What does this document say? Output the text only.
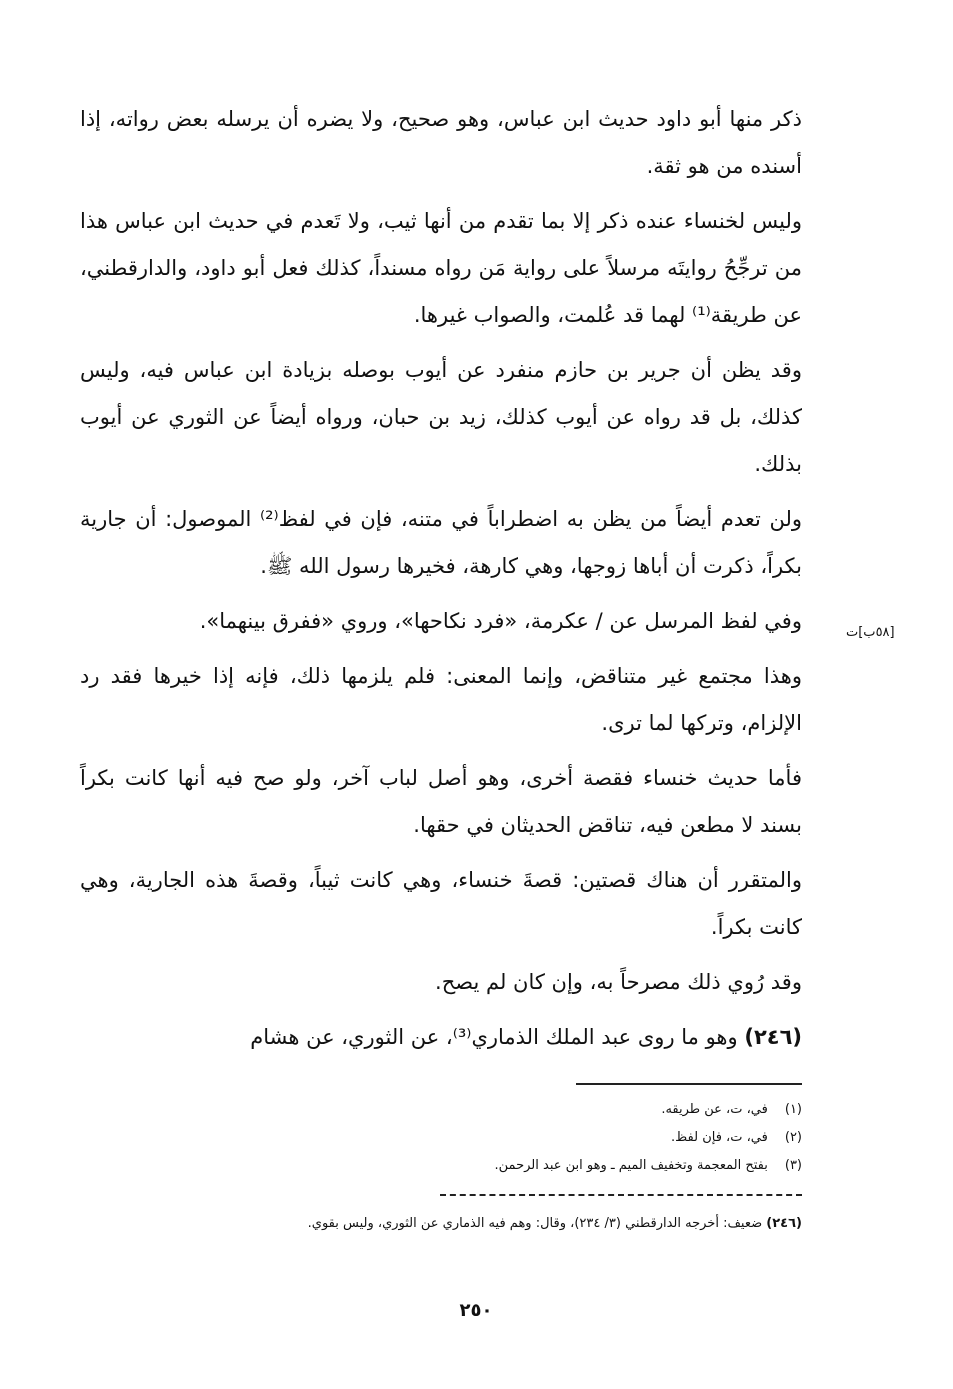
ذكر منها أبو داود حديث ابن عباس، وهو صحيح، ولا يضره أن يرسله بعض رواته، إذا أسنده من هو ثقة.

وليس لخنساء عنده ذكر إلا بما تقدم من أنها ثيب، ولا تَعدم في حديث ابن عباس هذا من ترجِّحُ روايتَه مرسلاً على رواية مَن رواه مسنداً، كذلك فعل أبو داود، والدارقطني، عن طريقة⁽¹⁾ لهما قد عُلمت، والصواب غيرها.

وقد يظن أن جرير بن حازم منفرد عن أيوب بوصله بزيادة ابن عباس فيه، وليس كذلك، بل قد رواه عن أيوب كذلك، زيد بن حبان، ورواه أيضاً عن الثوري عن أيوب بذلك.

ولن تعدم أيضاً من يظن به اضطراباً في متنه، فإن في لفظ⁽²⁾ الموصول: أن جارية بكراً، ذكرت أن أباها زوجها، وهي كارهة، فخيرها رسول الله ﷺ.

وفي لفظ المرسل عن / عكرمة، «فرد نكاحها»، وروي «ففرق بينهما».

وهذا مجتمع غير متناقض، وإنما المعنى: فلم يلزمها ذلك، فإنه إذا خيرها فقد رد الإلزام، وتركها لما ترى.

فأما حديث خنساء فقصة أخرى، وهو أصل لباب آخر، ولو صح فيه أنها كانت بكراً بسند لا مطعن فيه، تناقض الحديثان في حقها.

والمتقرر أن هناك قصتين: قصةَ خنساء، وهي كانت ثيباً، وقصةَ هذه الجارية، وهي كانت بكراً.

وقد رُوي ذلك مصرحاً به، وإن كان لم يصح.

(٢٤٦) وهو ما روى عبد الملك الذماري⁽³⁾، عن الثوري، عن هشام

[٥٨ب]ت

(١) في، ت، عن طريقه.

(٢) في، ت، فإن لفظ.

(٣) بفتح المعجمة وتخفيف الميم ـ وهو ابن عبد الرحمن.

(٢٤٦) ضعيف: أخرجه الدارقطني (٣/ ٢٣٤)، وقال: وهم فيه الذماري عن الثوري، وليس بقوي.
٢٥٠
